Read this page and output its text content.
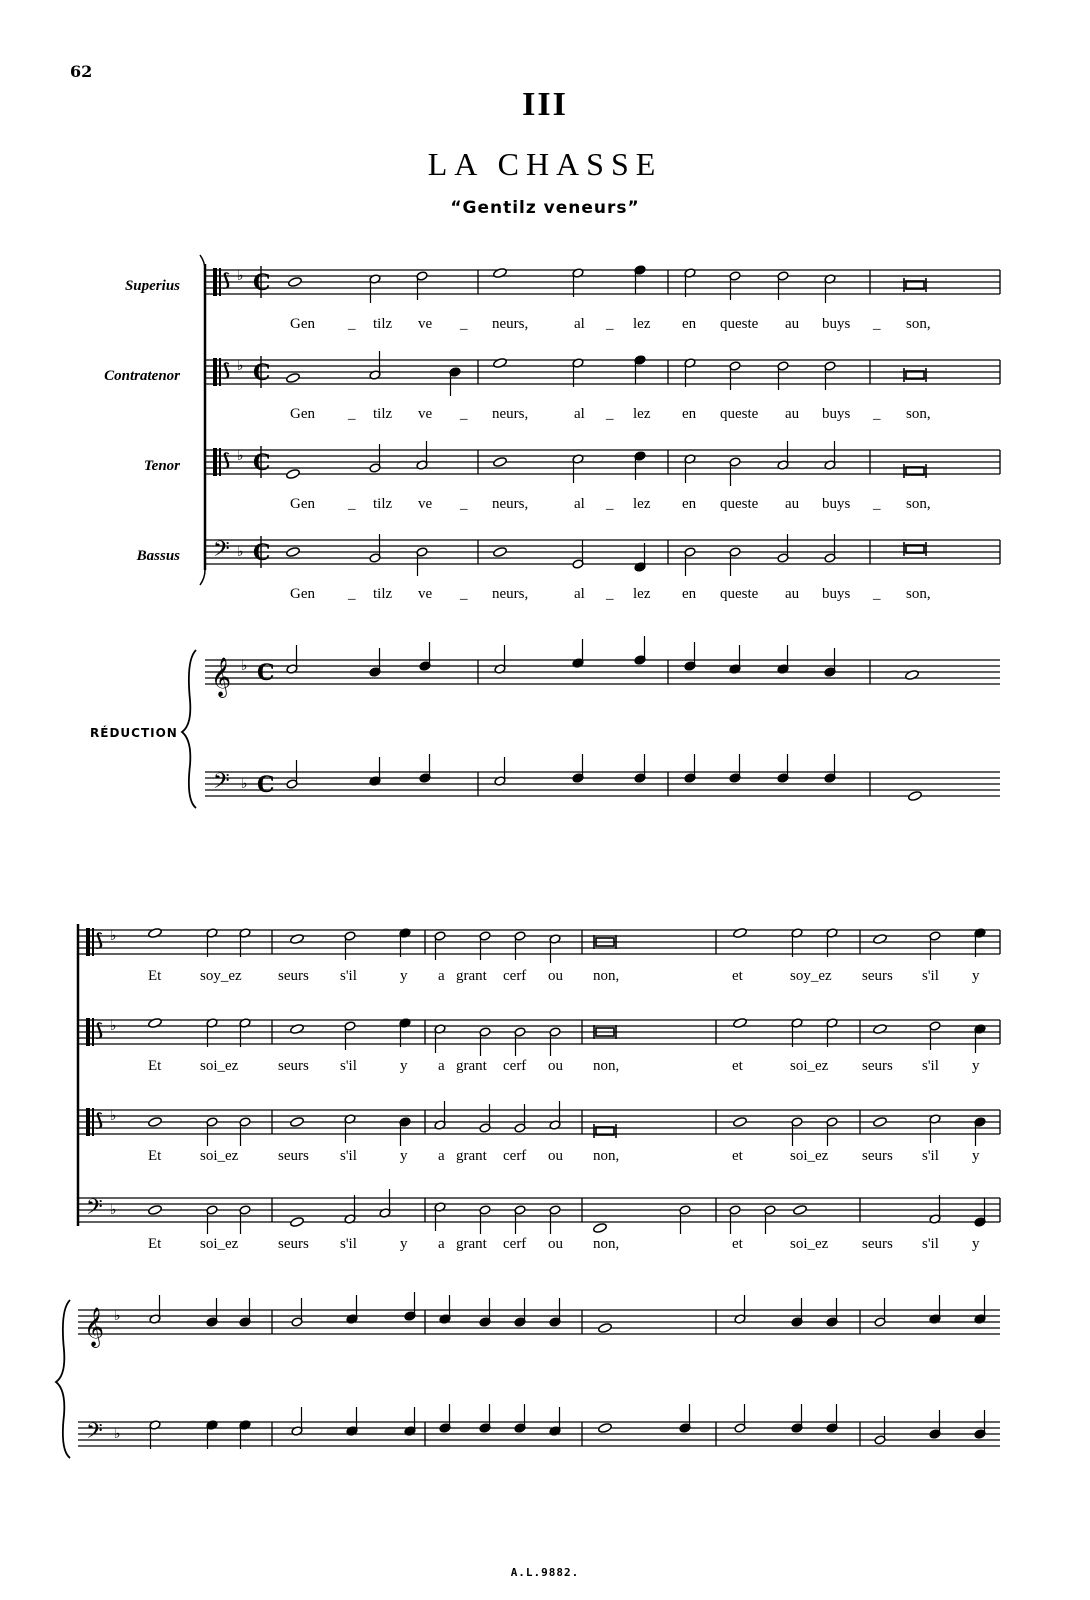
62
III
LA CHASSE
“Gentilz veneurs”
Superius
Contratenor
Tenor
Bassus
RÉDUCTION
⟆ ♭ C
⟆ ♭ C
⟆ ♭ C
𝄢 ♭ C
𝄞
𝄢
♭
♭
C
C
⟆ ♭
⟆ ♭
⟆ ♭
𝄢 ♭
𝄞
𝄢
♭
♭
Gen _ tilz ve _ neurs,	al _ lez en queste au buys _ son,
Gen _ tilz ve _ neurs,	al _ lez en queste au buys _ son,
Gen _ tilz ve _ neurs,	al _ lez en queste au buys _ son,
Gen _ tilz ve _ neurs,	al _ lez en queste au buys _ son,
Et	soy_ez seurs s'il	y a grant cerf ou non,	et	soy_ez seurs s'il y
Et	soi_ez	seurs s'il	y a grant cerf ou non,	et	soi_ez seurs s'il y
Et	soi_ez	seurs s'il	y a grant cerf ou non,	et	soi_ez seurs s'il y
Et	soi_ez	seurs s'il	y a grant cerf ou non,	et	soi_ez seurs s'il y
A.L.9882.
